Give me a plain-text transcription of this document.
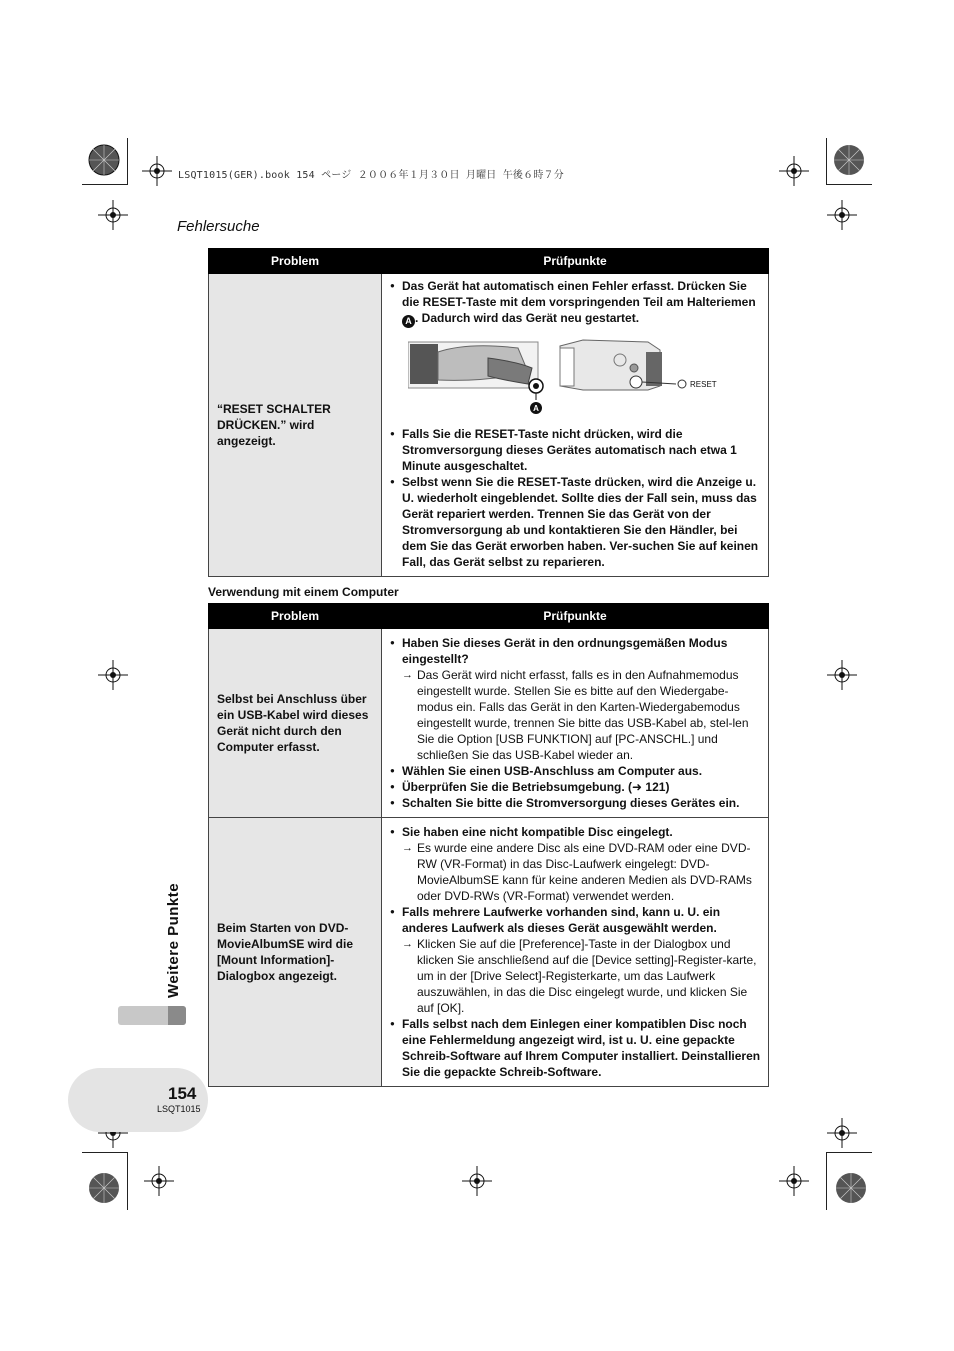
LSQT1015(GER).book 154 ページ ２００６年１月３０日 月曜日 午後６時７分
Fehlersuche
Problem	Prüfpunkte
“RESET SCHALTER DRÜCKEN.” wird angezeigt.	● Das Gerät hat automatisch einen Fehler erfasst. Drücken Sie die RESET-Taste mit dem vorspringenden Teil am Halteriemen A . Dadurch wird das Gerät neu gestartet.
A
RESET
● Falls Sie die RESET-Taste nicht drücken, wird die Stromversorgung dieses Gerätes automatisch nach etwa 1 Minute ausgeschaltet.
● Selbst wenn Sie die RESET-Taste drücken, wird die Anzeige u. U. wiederholt eingeblendet. Sollte dies der Fall sein, muss das Gerät repariert werden. Trennen Sie das Gerät von der Stromversorgung ab und kontaktieren Sie den Händler, bei dem Sie das Gerät erworben haben. Ver-suchen Sie auf keinen Fall, das Gerät selbst zu reparieren.
Verwendung mit einem Computer
Problem	Prüfpunkte
Selbst bei Anschluss über ein USB-Kabel wird dieses Gerät nicht durch den Computer erfasst.	● Haben Sie dieses Gerät in den ordnungsgemäßen Modus eingestellt?
→ Das Gerät wird nicht erfasst, falls es in den Aufnahmemodus eingestellt wurde. Stellen Sie es bitte auf den Wiedergabe-modus ein. Falls das Gerät in den Karten-Wiedergabemodus eingestellt wurde, trennen Sie bitte das USB-Kabel ab, stel-len Sie die Option [USB FUNKTION] auf [PC-ANSCHL.] und schließen Sie das USB-Kabel wieder an.
● Wählen Sie einen USB-Anschluss am Computer aus.
● Überprüfen Sie die Betriebsumgebung. (➜ 121)
● Schalten Sie bitte die Stromversorgung dieses Gerätes ein.

Beim Starten von DVD-MovieAlbumSE wird die [Mount Information]-Dialogbox angezeigt.	● Sie haben eine nicht kompatible Disc eingelegt.
→ Es wurde eine andere Disc als eine DVD-RAM oder eine DVD-RW (VR-Format) in das Disc-Laufwerk eingelegt: DVD-MovieAlbumSE kann für keine anderen Medien als DVD-RAMs oder DVD-RWs (VR-Format) verwendet werden.
● Falls mehrere Laufwerke vorhanden sind, kann u. U. ein anderes Laufwerk als dieses Gerät ausgewählt werden.
→ Klicken Sie auf die [Preference]-Taste in der Dialogbox und klicken Sie anschließend auf die [Device setting]-Register-karte, um in der [Drive Select]-Registerkarte, um das Laufwerk auszuwählen, in das die Disc eingelegt wurde, und klicken Sie auf [OK].
● Falls selbst nach dem Einlegen einer kompatiblen Disc noch eine Fehlermeldung angezeigt wird, ist u. U. eine gepackte Schreib-Software auf Ihrem Computer installiert. Deinstallieren Sie die gepackte Schreib-Software.
Weitere Punkte
154
LSQT1015
